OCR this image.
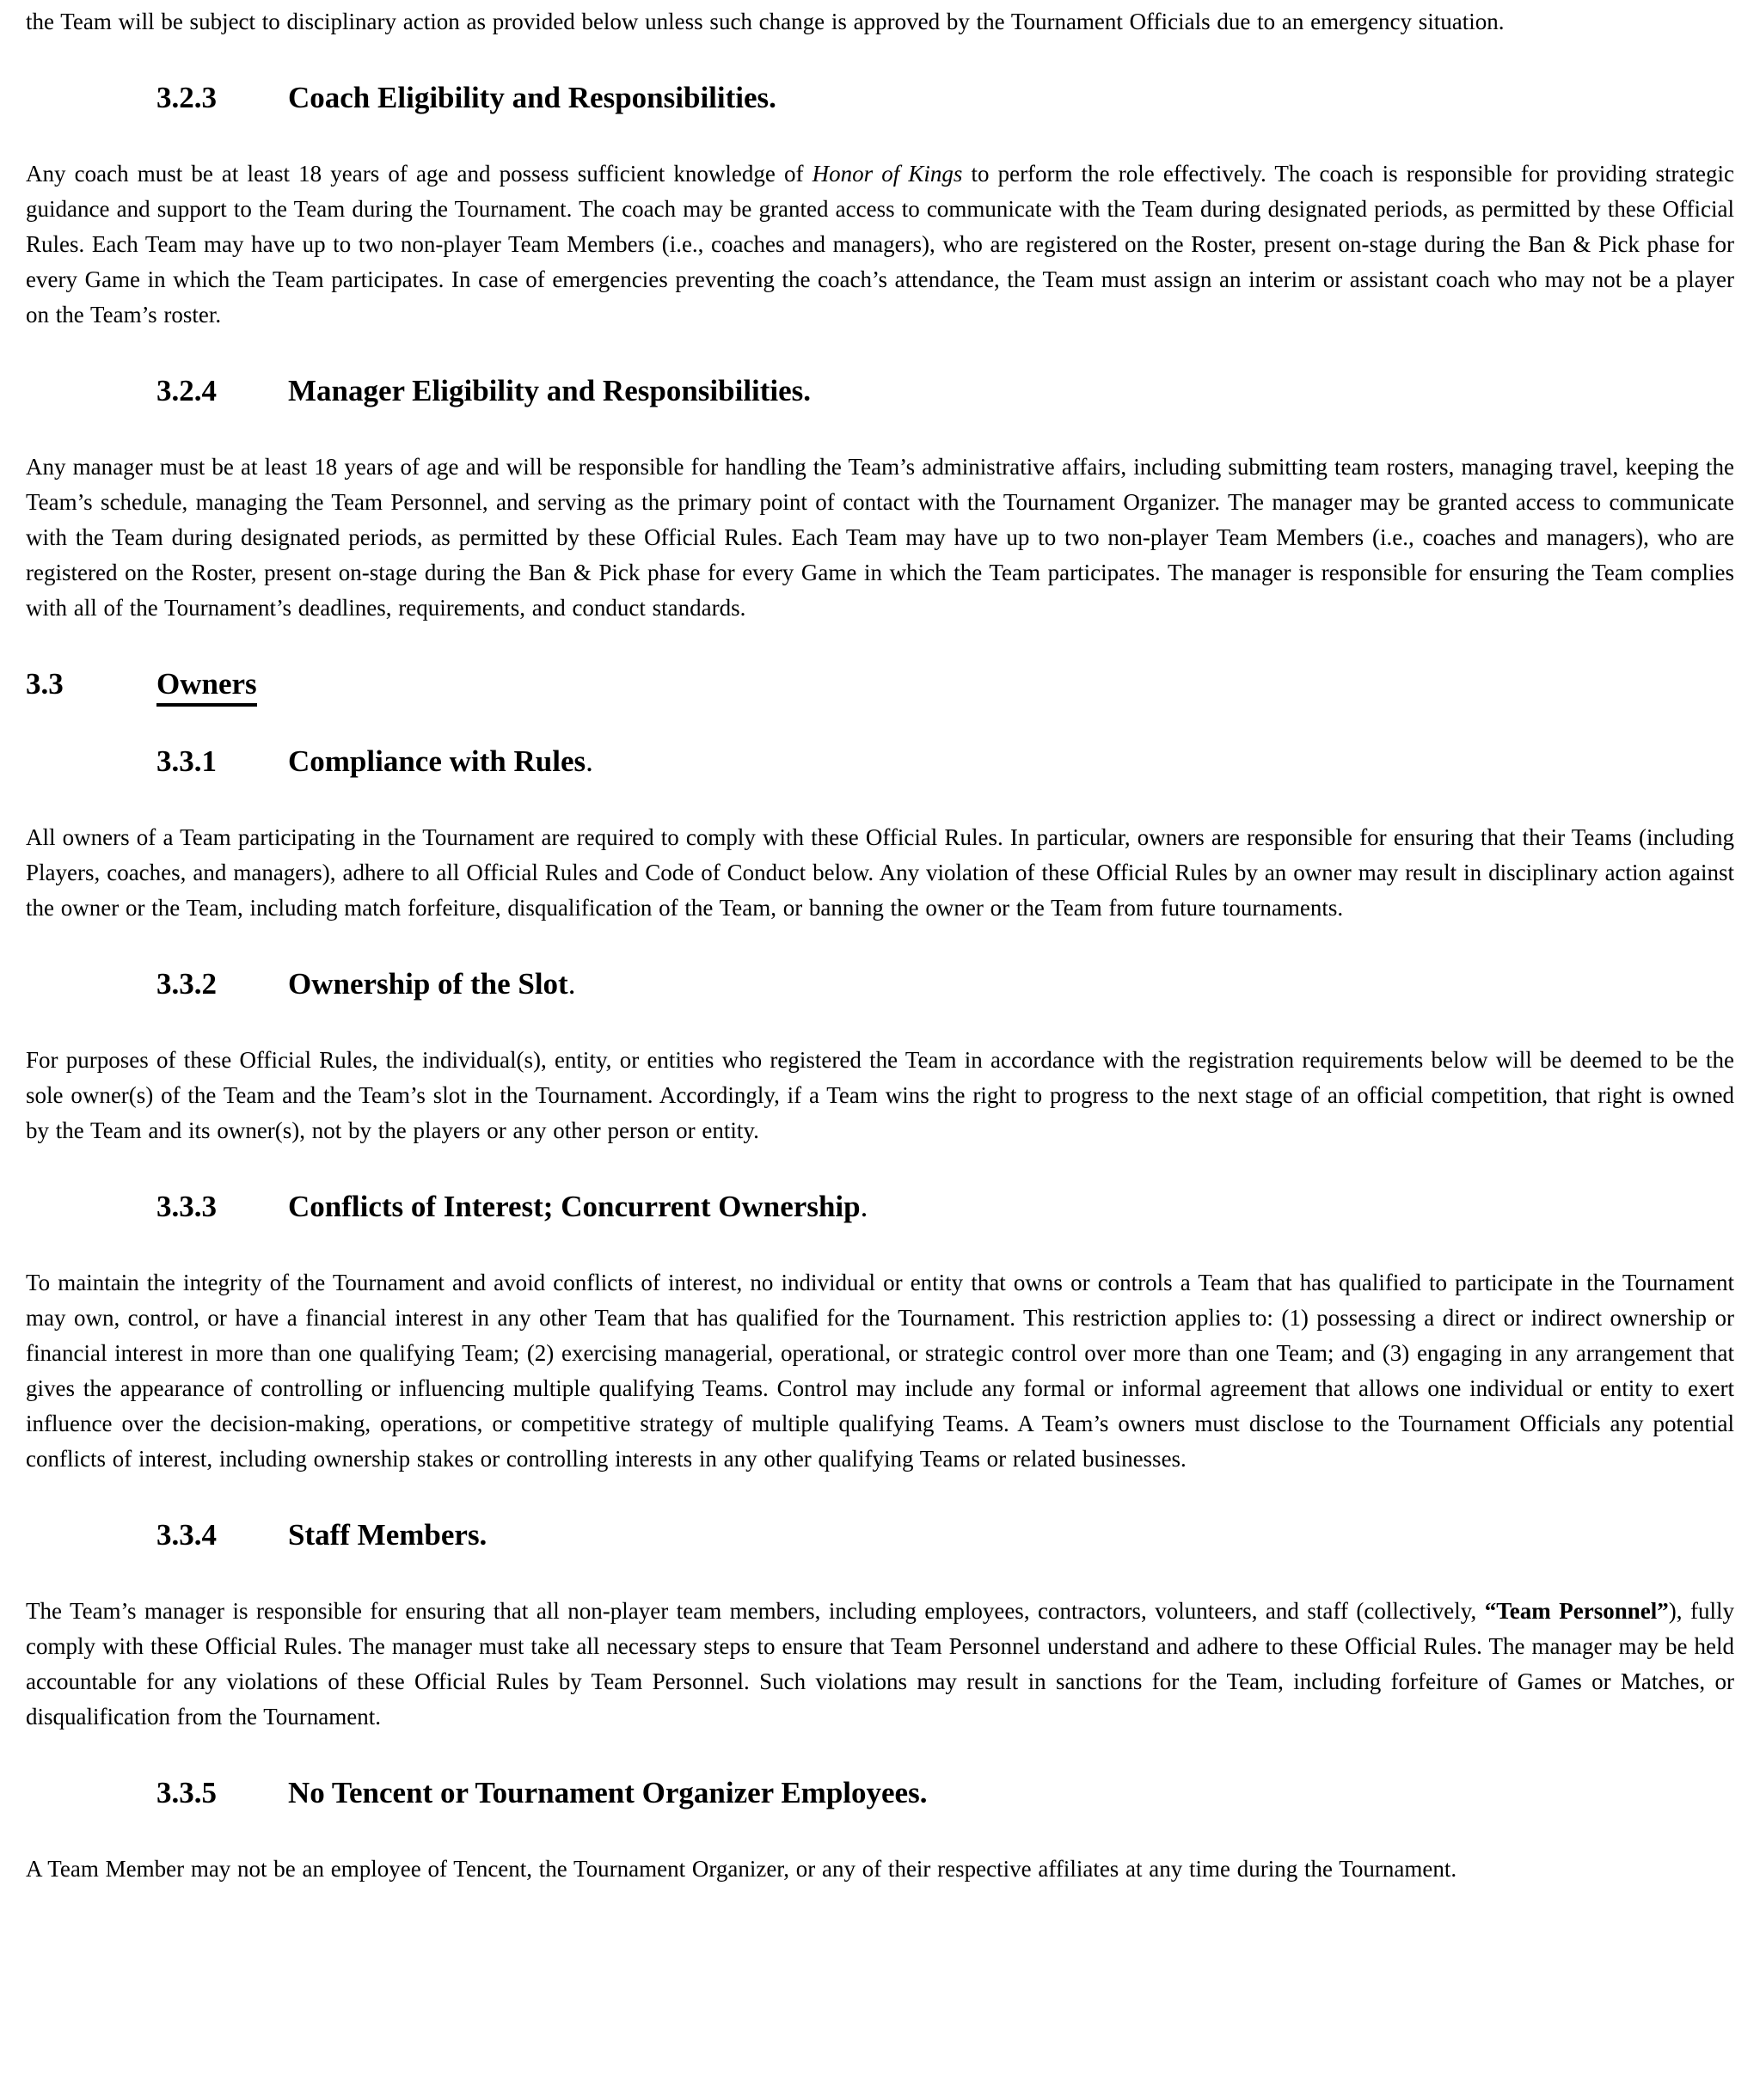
the Team will be subject to disciplinary action as provided below unless such change is approved by the Tournament Officials due to an emergency situation.
3.2.3 Coach Eligibility and Responsibilities.
Any coach must be at least 18 years of age and possess sufficient knowledge of Honor of Kings to perform the role effectively. The coach is responsible for providing strategic guidance and support to the Team during the Tournament. The coach may be granted access to communicate with the Team during designated periods, as permitted by these Official Rules. Each Team may have up to two non-player Team Members (i.e., coaches and managers), who are registered on the Roster, present on-stage during the Ban & Pick phase for every Game in which the Team participates. In case of emergencies preventing the coach’s attendance, the Team must assign an interim or assistant coach who may not be a player on the Team’s roster.
3.2.4 Manager Eligibility and Responsibilities.
Any manager must be at least 18 years of age and will be responsible for handling the Team’s administrative affairs, including submitting team rosters, managing travel, keeping the Team’s schedule, managing the Team Personnel, and serving as the primary point of contact with the Tournament Organizer. The manager may be granted access to communicate with the Team during designated periods, as permitted by these Official Rules. Each Team may have up to two non-player Team Members (i.e., coaches and managers), who are registered on the Roster, present on-stage during the Ban & Pick phase for every Game in which the Team participates. The manager is responsible for ensuring the Team complies with all of the Tournament’s deadlines, requirements, and conduct standards.
3.3	Owners
3.3.1 Compliance with Rules.
All owners of a Team participating in the Tournament are required to comply with these Official Rules. In particular, owners are responsible for ensuring that their Teams (including Players, coaches, and managers), adhere to all Official Rules and Code of Conduct below. Any violation of these Official Rules by an owner may result in disciplinary action against the owner or the Team, including match forfeiture, disqualification of the Team, or banning the owner or the Team from future tournaments.
3.3.2 Ownership of the Slot.
For purposes of these Official Rules, the individual(s), entity, or entities who registered the Team in accordance with the registration requirements below will be deemed to be the sole owner(s) of the Team and the Team’s slot in the Tournament. Accordingly, if a Team wins the right to progress to the next stage of an official competition, that right is owned by the Team and its owner(s), not by the players or any other person or entity.
3.3.3 Conflicts of Interest; Concurrent Ownership.
To maintain the integrity of the Tournament and avoid conflicts of interest, no individual or entity that owns or controls a Team that has qualified to participate in the Tournament may own, control, or have a financial interest in any other Team that has qualified for the Tournament. This restriction applies to: (1) possessing a direct or indirect ownership or financial interest in more than one qualifying Team; (2) exercising managerial, operational, or strategic control over more than one Team; and (3) engaging in any arrangement that gives the appearance of controlling or influencing multiple qualifying Teams. Control may include any formal or informal agreement that allows one individual or entity to exert influence over the decision-making, operations, or competitive strategy of multiple qualifying Teams. A Team’s owners must disclose to the Tournament Officials any potential conflicts of interest, including ownership stakes or controlling interests in any other qualifying Teams or related businesses.
3.3.4 Staff Members.
The Team’s manager is responsible for ensuring that all non-player team members, including employees, contractors, volunteers, and staff (collectively, “Team Personnel”), fully comply with these Official Rules. The manager must take all necessary steps to ensure that Team Personnel understand and adhere to these Official Rules. The manager may be held accountable for any violations of these Official Rules by Team Personnel. Such violations may result in sanctions for the Team, including forfeiture of Games or Matches, or disqualification from the Tournament.
3.3.5 No Tencent or Tournament Organizer Employees.
A Team Member may not be an employee of Tencent, the Tournament Organizer, or any of their respective affiliates at any time during the Tournament.
